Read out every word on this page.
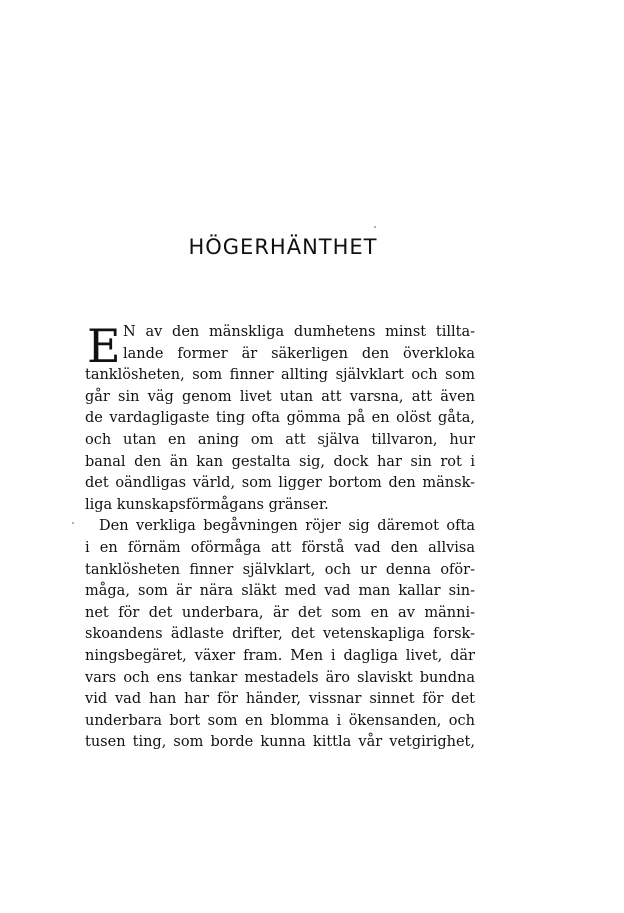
HÖGERHÄNTHET
E N av den mänskliga dumhetens minst tillta-
lande former är säkerligen den överkloka
tanklösheten, som finner allting självklart och som
går sin väg genom livet utan att varsna, att även
de vardagligaste ting ofta gömma på en olöst gåta,
och utan en aning om att själva tillvaron, hur
banal den än kan gestalta sig, dock har sin rot i
det oändligas värld, som ligger bortom den mänsk-
liga kunskapsförmågans gränser.
Den verkliga begåvningen röjer sig däremot ofta
i en förnäm oförmåga att förstå vad den allvisa
tanklösheten finner självklart, och ur denna oför-
måga, som är nära släkt med vad man kallar sin-
net för det underbara, är det som en av männi-
skoandens ädlaste drifter, det vetenskapliga forsk-
ningsbegäret, växer fram. Men i dagliga livet, där
vars och ens tankar mestadels äro slaviskt bundna
vid vad han har för händer, vissnar sinnet för det
underbara bort som en blomma i ökensanden, och
tusen ting, som borde kunna kittla vår vetgirighet,
